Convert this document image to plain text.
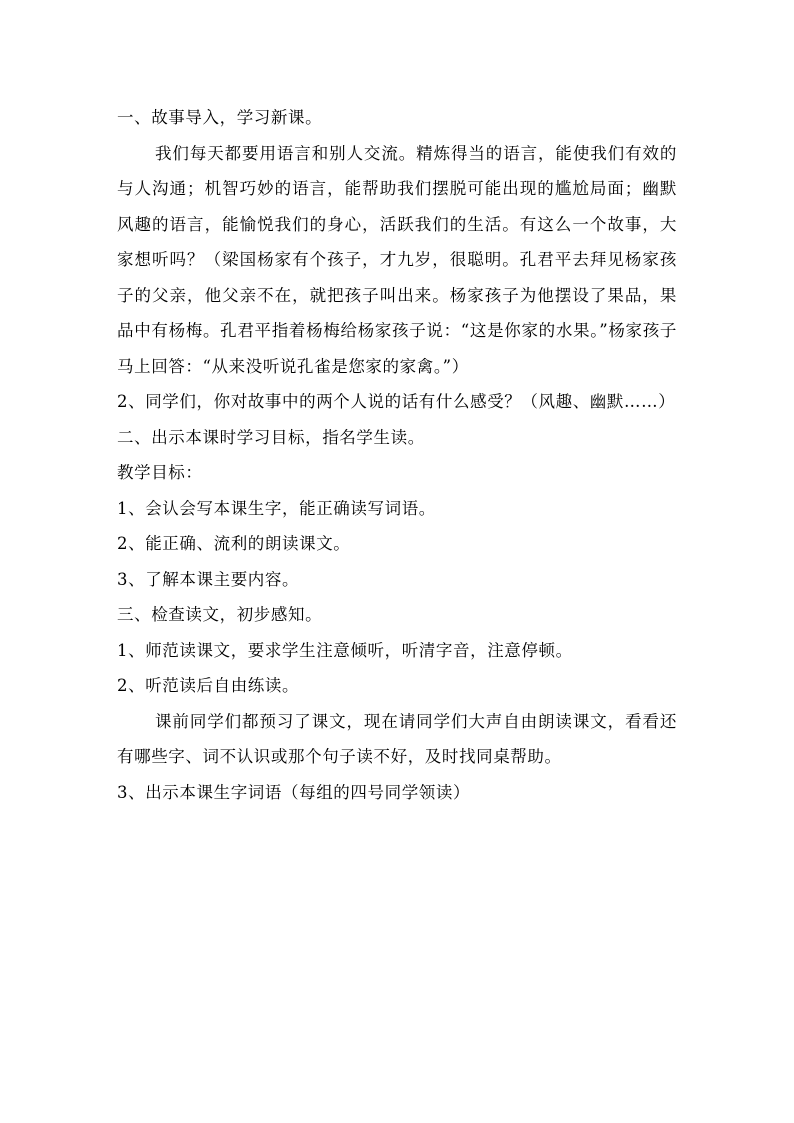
一、故事导入，学习新课。

我们每天都要用语言和别人交流。精炼得当的语言，能使我们有效的与人沟通；机智巧妙的语言，能帮助我们摆脱可能出现的尴尬局面；幽默风趣的语言，能愉悦我们的身心，活跃我们的生活。有这么一个故事，大家想听吗？（梁国杨家有个孩子，才九岁，很聪明。孔君平去拜见杨家孩子的父亲，他父亲不在，就把孩子叫出来。杨家孩子为他摆设了果品，果品中有杨梅。孔君平指着杨梅给杨家孩子说：“这是你家的水果。”杨家孩子马上回答：“从来没听说孔雀是您家的家禽。”）

2、同学们，你对故事中的两个人说的话有什么感受？（风趣、幽默……）

二、出示本课时学习目标，指名学生读。

教学目标：

1、会认会写本课生字，能正确读写词语。

2、能正确、流利的朗读课文。

3、了解本课主要内容。

三、检查读文，初步感知。

1、师范读课文，要求学生注意倾听，听清字音，注意停顿。

2、听范读后自由练读。

课前同学们都预习了课文，现在请同学们大声自由朗读课文，看看还有哪些字、词不认识或那个句子读不好，及时找同桌帮助。

3、出示本课生字词语（每组的四号同学领读）
